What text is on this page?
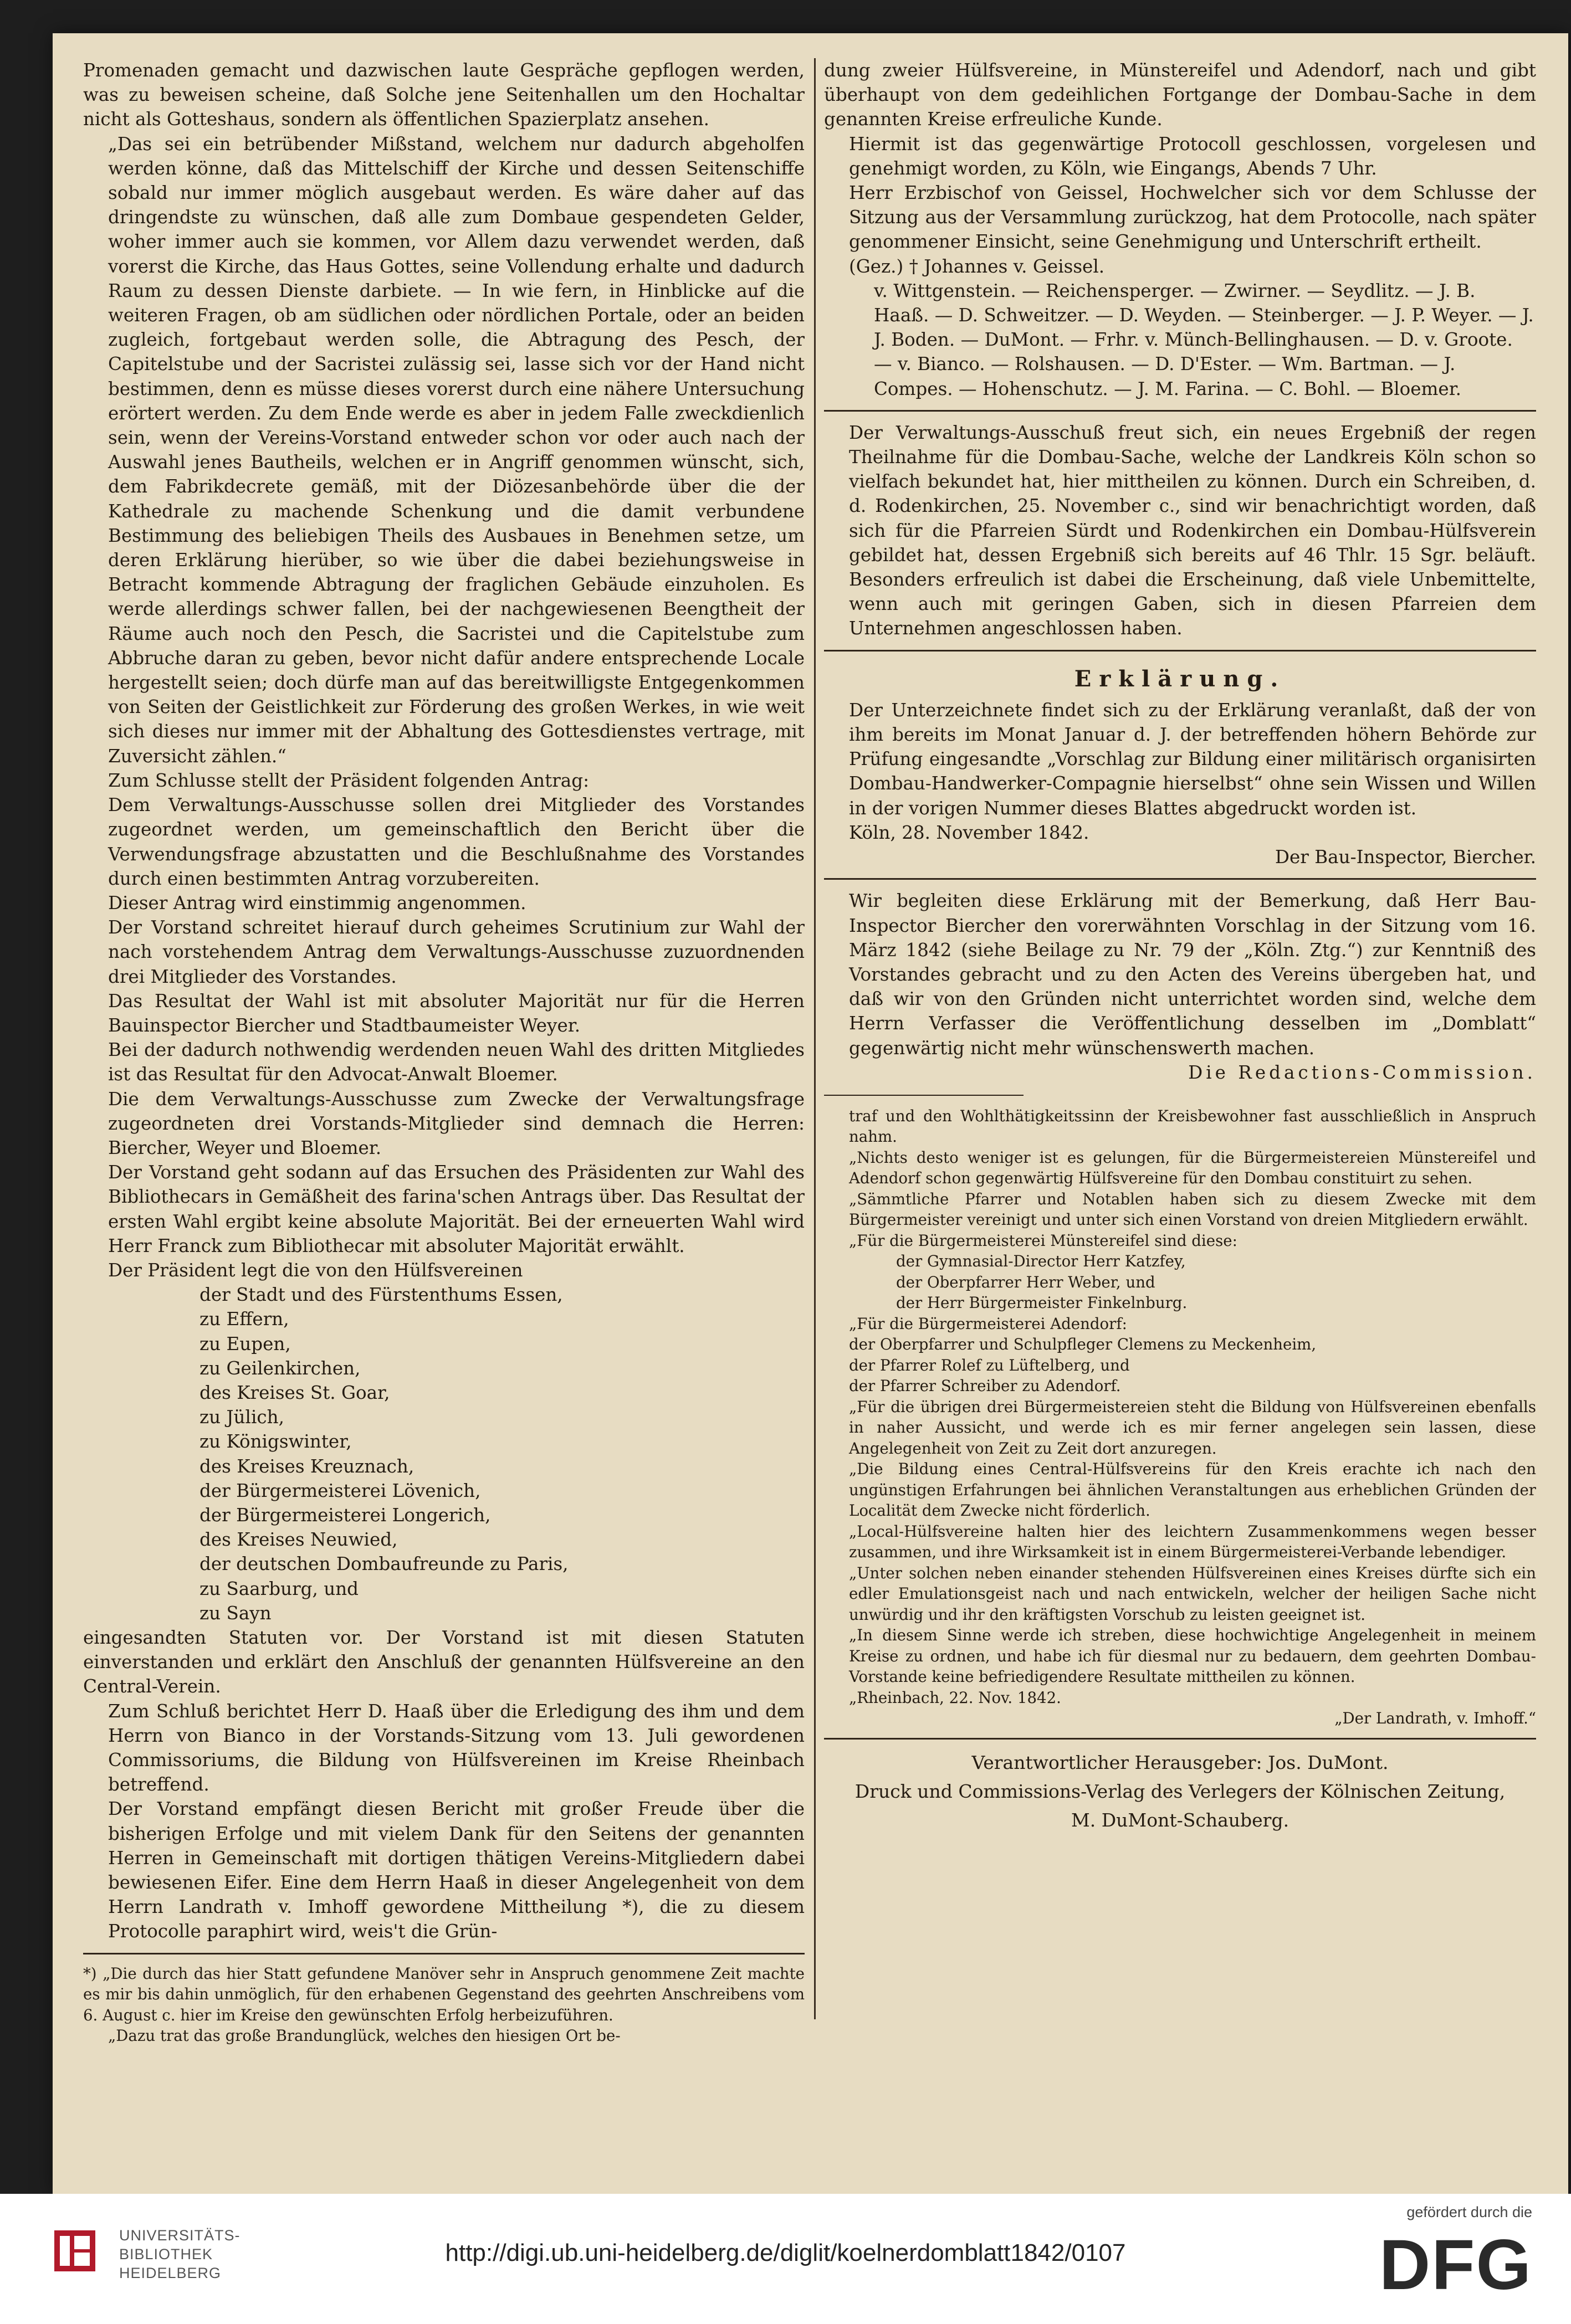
Promenaden gemacht und dazwischen laute Gespräche gepflogen werden, was zu beweisen scheine, daß Solche jene Seitenhallen um den Hochaltar nicht als Gotteshaus, sondern als öffentlichen Spazierplatz ansehen.

„Das sei ein betrübender Mißstand, welchem nur dadurch abgeholfen werden könne, daß das Mittelschiff der Kirche und dessen Seitenschiffe sobald nur immer möglich ausgebaut werden. Es wäre daher auf das dringendste zu wünschen, daß alle zum Dombaue gespendeten Gelder, woher immer auch sie kommen, vor Allem dazu verwendet werden, daß vorerst die Kirche, das Haus Gottes, seine Vollendung erhalte und dadurch Raum zu dessen Dienste darbiete. — In wie fern, in Hinblicke auf die weiteren Fragen, ob am südlichen oder nördlichen Portale, oder an beiden zugleich, fortgebaut werden solle, die Abtragung des Pesch, der Capitelstube und der Sacristei zulässig sei, lasse sich vor der Hand nicht bestimmen, denn es müsse dieses vorerst durch eine nähere Untersuchung erörtert werden. Zu dem Ende werde es aber in jedem Falle zweckdienlich sein, wenn der Vereins-Vorstand entweder schon vor oder auch nach der Auswahl jenes Bautheils, welchen er in Angriff genommen wünscht, sich, dem Fabrikdecrete gemäß, mit der Diözesanbehörde über die der Kathedrale zu machende Schenkung und die damit verbundene Bestimmung des beliebigen Theils des Ausbaues in Benehmen setze, um deren Erklärung hierüber, so wie über die dabei beziehungsweise in Betracht kommende Abtragung der fraglichen Gebäude einzuholen. Es werde allerdings schwer fallen, bei der nachgewiesenen Beengtheit der Räume auch noch den Pesch, die Sacristei und die Capitelstube zum Abbruche daran zu geben, bevor nicht dafür andere entsprechende Locale hergestellt seien; doch dürfe man auf das bereitwilligste Entgegenkommen von Seiten der Geistlichkeit zur Förderung des großen Werkes, in wie weit sich dieses nur immer mit der Abhaltung des Gottesdienstes vertrage, mit Zuversicht zählen.“

Zum Schlusse stellt der Präsident folgenden Antrag:

Dem Verwaltungs-Ausschusse sollen drei Mitglieder des Vorstandes zugeordnet werden, um gemeinschaftlich den Bericht über die Verwendungsfrage abzustatten und die Beschlußnahme des Vorstandes durch einen bestimmten Antrag vorzubereiten.

Dieser Antrag wird einstimmig angenommen.

Der Vorstand schreitet hierauf durch geheimes Scrutinium zur Wahl der nach vorstehendem Antrag dem Verwaltungs-Ausschusse zuzuordnenden drei Mitglieder des Vorstandes.

Das Resultat der Wahl ist mit absoluter Majorität nur für die Herren Bauinspector Biercher und Stadtbaumeister Weyer.

Bei der dadurch nothwendig werdenden neuen Wahl des dritten Mitgliedes ist das Resultat für den Advocat-Anwalt Bloemer.

Die dem Verwaltungs-Ausschusse zum Zwecke der Verwaltungsfrage zugeordneten drei Vorstands-Mitglieder sind demnach die Herren: Biercher, Weyer und Bloemer.

Der Vorstand geht sodann auf das Ersuchen des Präsidenten zur Wahl des Bibliothecars in Gemäßheit des farina'schen Antrags über. Das Resultat der ersten Wahl ergibt keine absolute Majorität. Bei der erneuerten Wahl wird Herr Franck zum Bibliothecar mit absoluter Majorität erwählt.

Der Präsident legt die von den Hülfsvereinen

der Stadt und des Fürstenthums Essen,

zu Effern,

zu Eupen,

zu Geilenkirchen,

des Kreises St. Goar,

zu Jülich,

zu Königswinter,

des Kreises Kreuznach,

der Bürgermeisterei Lövenich,

der Bürgermeisterei Longerich,

des Kreises Neuwied,

der deutschen Dombaufreunde zu Paris,

zu Saarburg, und

zu Sayn

eingesandten Statuten vor. Der Vorstand ist mit diesen Statuten einverstanden und erklärt den Anschluß der genannten Hülfsvereine an den Central-Verein.

Zum Schluß berichtet Herr D. Haaß über die Erledigung des ihm und dem Herrn von Bianco in der Vorstands-Sitzung vom 13. Juli gewordenen Commissoriums, die Bildung von Hülfsvereinen im Kreise Rheinbach betreffend.

Der Vorstand empfängt diesen Bericht mit großer Freude über die bisherigen Erfolge und mit vielem Dank für den Seitens der genannten Herren in Gemeinschaft mit dortigen thätigen Vereins-Mitgliedern dabei bewiesenen Eifer. Eine dem Herrn Haaß in dieser Angelegenheit von dem Herrn Landrath v. Imhoff gewordene Mittheilung *), die zu diesem Protocolle paraphirt wird, weis't die Grün-

*) „Die durch das hier Statt gefundene Manöver sehr in Anspruch genommene Zeit machte es mir bis dahin unmöglich, für den erhabenen Gegenstand des geehrten Anschreibens vom 6. August c. hier im Kreise den gewünschten Erfolg herbeizuführen.

„Dazu trat das große Brandunglück, welches den hiesigen Ort be-

dung zweier Hülfsvereine, in Münstereifel und Adendorf, nach und gibt überhaupt von dem gedeihlichen Fortgange der Dombau-Sache in dem genannten Kreise erfreuliche Kunde.

Hiermit ist das gegenwärtige Protocoll geschlossen, vorgelesen und genehmigt worden, zu Köln, wie Eingangs, Abends 7 Uhr.

Herr Erzbischof von Geissel, Hochwelcher sich vor dem Schlusse der Sitzung aus der Versammlung zurückzog, hat dem Protocolle, nach später genommener Einsicht, seine Genehmigung und Unterschrift ertheilt.

(Gez.) † Johannes v. Geissel.

v. Wittgenstein. — Reichensperger. — Zwirner. — Seydlitz. — J. B. Haaß. — D. Schweitzer. — D. Weyden. — Steinberger. — J. P. Weyer. — J. J. Boden. — DuMont. — Frhr. v. Münch-Bellinghausen. — D. v. Groote. — v. Bianco. — Rolshausen. — D. D'Ester. — Wm. Bartman. — J. Compes. — Hohenschutz. — J. M. Farina. — C. Bohl. — Bloemer.

Der Verwaltungs-Ausschuß freut sich, ein neues Ergebniß der regen Theilnahme für die Dombau-Sache, welche der Landkreis Köln schon so vielfach bekundet hat, hier mittheilen zu können. Durch ein Schreiben, d. d. Rodenkirchen, 25. November c., sind wir benachrichtigt worden, daß sich für die Pfarreien Sürdt und Rodenkirchen ein Dombau-Hülfsverein gebildet hat, dessen Ergebniß sich bereits auf 46 Thlr. 15 Sgr. beläuft. Besonders erfreulich ist dabei die Erscheinung, daß viele Unbemittelte, wenn auch mit geringen Gaben, sich in diesen Pfarreien dem Unternehmen angeschlossen haben.

Erklärung.

Der Unterzeichnete findet sich zu der Erklärung veranlaßt, daß der von ihm bereits im Monat Januar d. J. der betreffenden höhern Behörde zur Prüfung eingesandte „Vorschlag zur Bildung einer militärisch organisirten Dombau-Handwerker-Compagnie hierselbst“ ohne sein Wissen und Willen in der vorigen Nummer dieses Blattes abgedruckt worden ist.

Köln, 28. November 1842.

Der Bau-Inspector, Biercher.

Wir begleiten diese Erklärung mit der Bemerkung, daß Herr Bau-Inspector Biercher den vorerwähnten Vorschlag in der Sitzung vom 16. März 1842 (siehe Beilage zu Nr. 79 der „Köln. Ztg.“) zur Kenntniß des Vorstandes gebracht und zu den Acten des Vereins übergeben hat, und daß wir von den Gründen nicht unterrichtet worden sind, welche dem Herrn Verfasser die Veröffentlichung desselben im „Domblatt“ gegenwärtig nicht mehr wünschenswerth machen.

Die Redactions-Commission.

traf und den Wohlthätigkeitssinn der Kreisbewohner fast ausschließlich in Anspruch nahm.

„Nichts desto weniger ist es gelungen, für die Bürgermeistereien Münstereifel und Adendorf schon gegenwärtig Hülfsvereine für den Dombau constituirt zu sehen.

„Sämmtliche Pfarrer und Notablen haben sich zu diesem Zwecke mit dem Bürgermeister vereinigt und unter sich einen Vorstand von dreien Mitgliedern erwählt.

„Für die Bürgermeisterei Münstereifel sind diese:

der Gymnasial-Director Herr Katzfey,

der Oberpfarrer Herr Weber, und

der Herr Bürgermeister Finkelnburg.

„Für die Bürgermeisterei Adendorf:

der Oberpfarrer und Schulpfleger Clemens zu Meckenheim,

der Pfarrer Rolef zu Lüftelberg, und

der Pfarrer Schreiber zu Adendorf.

„Für die übrigen drei Bürgermeistereien steht die Bildung von Hülfsvereinen ebenfalls in naher Aussicht, und werde ich es mir ferner angelegen sein lassen, diese Angelegenheit von Zeit zu Zeit dort anzuregen.

„Die Bildung eines Central-Hülfsvereins für den Kreis erachte ich nach den ungünstigen Erfahrungen bei ähnlichen Veranstaltungen aus erheblichen Gründen der Localität dem Zwecke nicht förderlich.

„Local-Hülfsvereine halten hier des leichtern Zusammenkommens wegen besser zusammen, und ihre Wirksamkeit ist in einem Bürgermeisterei-Verbande lebendiger.

„Unter solchen neben einander stehenden Hülfsvereinen eines Kreises dürfte sich ein edler Emulationsgeist nach und nach entwickeln, welcher der heiligen Sache nicht unwürdig und ihr den kräftigsten Vorschub zu leisten geeignet ist.

„In diesem Sinne werde ich streben, diese hochwichtige Angelegenheit in meinem Kreise zu ordnen, und habe ich für diesmal nur zu bedauern, dem geehrten Dombau-Vorstande keine befriedigendere Resultate mittheilen zu können.

„Rheinbach, 22. Nov. 1842.

„Der Landrath, v. Imhoff.“

Verantwortlicher Herausgeber: Jos. DuMont.
Druck und Commissions-Verlag des Verlegers der Kölnischen Zeitung,
M. DuMont-Schauberg.
UNIVERSITÄTS-
BIBLIOTHEK
HEIDELBERG
http://digi.ub.uni-heidelberg.de/diglit/koelnerdomblatt1842/0107
gefördert durch die
DFG
